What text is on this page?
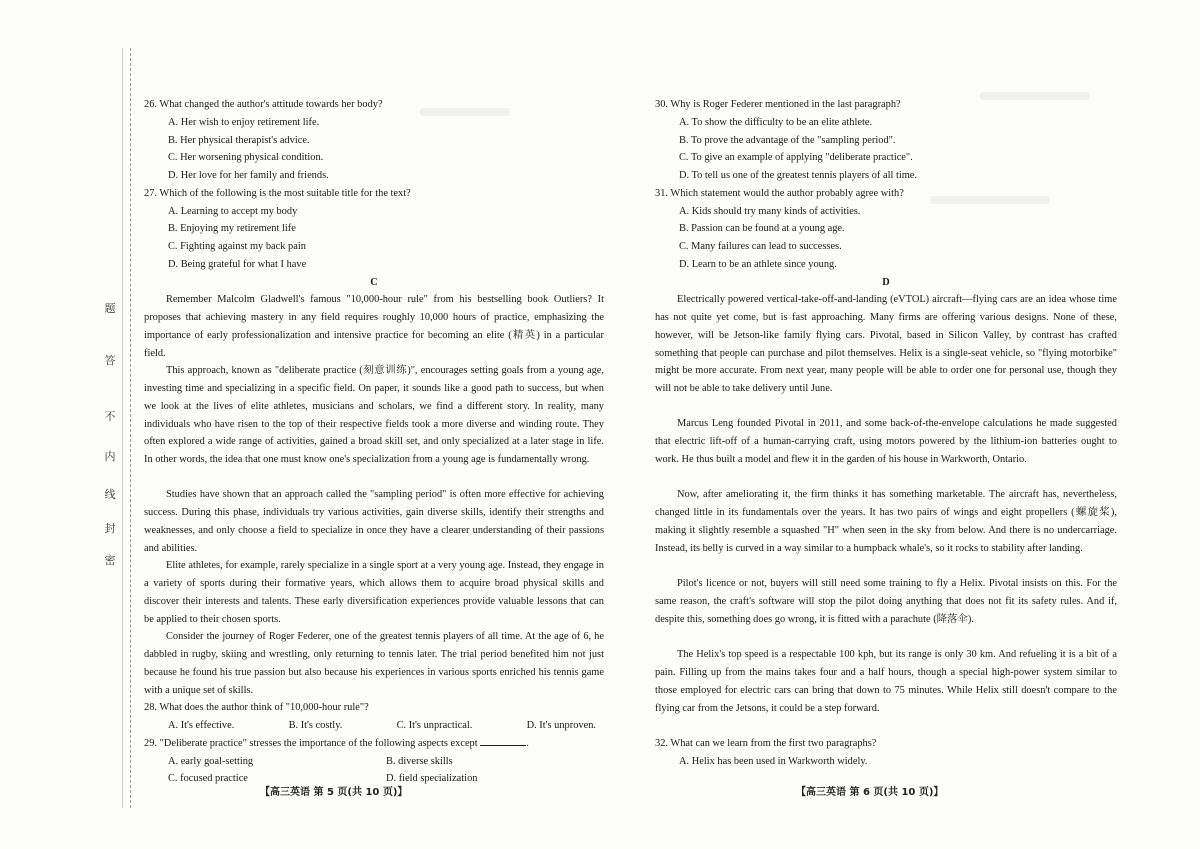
题
答
不
内
线
封
密
26. What changed the author's attitude towards her body?
A. Her wish to enjoy retirement life.
B. Her physical therapist's advice.
C. Her worsening physical condition.
D. Her love for her family and friends.
27. Which of the following is the most suitable title for the text?
A. Learning to accept my body
B. Enjoying my retirement life
C. Fighting against my back pain
D. Being grateful for what I have
C
Remember Malcolm Gladwell's famous "10,000-hour rule" from his bestselling book Outliers? It proposes that achieving mastery in any field requires roughly 10,000 hours of practice, emphasizing the importance of early professionalization and intensive practice for becoming an elite (精英) in a particular field.
This approach, known as "deliberate practice (刻意训练)", encourages setting goals from a young age, investing time and specializing in a specific field. On paper, it sounds like a good path to success, but when we look at the lives of elite athletes, musicians and scholars, we find a different story. In reality, many individuals who have risen to the top of their respective fields took a more diverse and winding route. They often explored a wide range of activities, gained a broad skill set, and only specialized at a later stage in life. In other words, the idea that one must know one's specialization from a young age is fundamentally wrong.
Studies have shown that an approach called the "sampling period" is often more effective for achieving success. During this phase, individuals try various activities, gain diverse skills, identify their strengths and weaknesses, and only choose a field to specialize in once they have a clearer understanding of their passions and abilities.
Elite athletes, for example, rarely specialize in a single sport at a very young age. Instead, they engage in a variety of sports during their formative years, which allows them to acquire broad physical skills and discover their interests and talents. These early diversification experiences provide valuable lessons that can be applied to their chosen sports.
Consider the journey of Roger Federer, one of the greatest tennis players of all time. At the age of 6, he dabbled in rugby, skiing and wrestling, only returning to tennis later. The trial period benefited him not just because he found his true passion but also because his experiences in various sports enriched his tennis game with a unique set of skills.
28. What does the author think of "10,000-hour rule"?
A. It's effective.	B. It's costly.	C. It's unpractical.	D. It's unproven.
29. "Deliberate practice" stresses the importance of the following aspects except	.
A. early goal-setting	B. diverse skills
C. focused practice	D. field specialization
【高三英语 第 5 页(共 10 页)】
30. Why is Roger Federer mentioned in the last paragraph?
A. To show the difficulty to be an elite athlete.
B. To prove the advantage of the "sampling period".
C. To give an example of applying "deliberate practice".
D. To tell us one of the greatest tennis players of all time.
31. Which statement would the author probably agree with?
A. Kids should try many kinds of activities.
B. Passion can be found at a young age.
C. Many failures can lead to successes.
D. Learn to be an athlete since young.
D
Electrically powered vertical-take-off-and-landing (eVTOL) aircraft—flying cars are an idea whose time has not quite yet come, but is fast approaching. Many firms are offering various designs. None of these, however, will be Jetson-like family flying cars. Pivotal, based in Silicon Valley, by contrast has crafted something that people can purchase and pilot themselves. Helix is a single-seat vehicle, so "flying motorbike" might be more accurate. From next year, many people will be able to order one for personal use, though they will not be able to take delivery until June.
Marcus Leng founded Pivotal in 2011, and some back-of-the-envelope calculations he made suggested that electric lift-off of a human-carrying craft, using motors powered by the lithium-ion batteries ought to work. He thus built a model and flew it in the garden of his house in Warkworth, Ontario.
Now, after ameliorating it, the firm thinks it has something marketable. The aircraft has, nevertheless, changed little in its fundamentals over the years. It has two pairs of wings and eight propellers (螺旋桨), making it slightly resemble a squashed "H" when seen in the sky from below. And there is no undercarriage. Instead, its belly is curved in a way similar to a humpback whale's, so it rocks to stability after landing.
Pilot's licence or not, buyers will still need some training to fly a Helix. Pivotal insists on this. For the same reason, the craft's software will stop the pilot doing anything that does not fit its safety rules. And if, despite this, something does go wrong, it is fitted with a parachute (降落伞).
The Helix's top speed is a respectable 100 kph, but its range is only 30 km. And refueling it is a bit of a pain. Filling up from the mains takes four and a half hours, though a special high-power system similar to those employed for electric cars can bring that down to 75 minutes. While Helix still doesn't compare to the flying car from the Jetsons, it could be a step forward.
32. What can we learn from the first two paragraphs?
A. Helix has been used in Warkworth widely.
【高三英语 第 6 页(共 10 页)】
